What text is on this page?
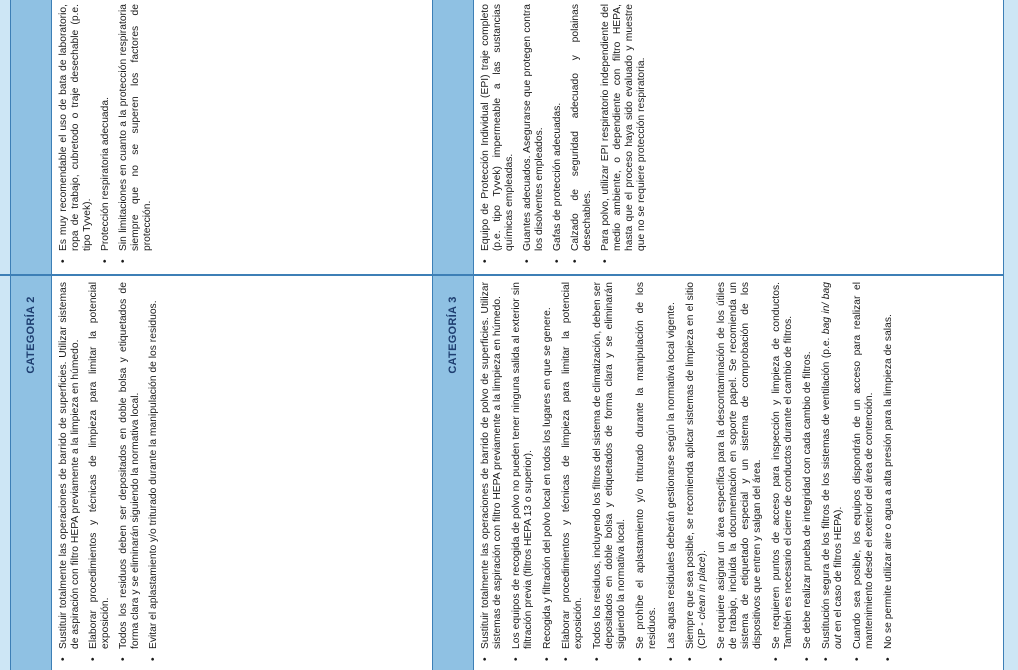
CATEGORÍA 2	CATEGORÍA 3
• Sustituir totalmente las operaciones de barrido de superficies. Utilizar sistemas de aspiración con filtro HEPA previamente a la limpieza en húmedo. • Elaborar procedimientos y técnicas de limpieza para limitar la potencial exposición. • Todos los residuos deben ser depositados en doble bolsa y etiquetados de forma clara y se eliminarán siguiendo la normativa local. • Evitar el aplastamiento y/o triturado durante la manipulación de los residuos.	• Sustituir totalmente las operaciones de barrido de polvo de superficies. Utilizar sistemas de aspiración con filtro HEPA previamente a la limpieza en húmedo. • Los equipos de recogida de polvo no pueden tener ninguna salida al exterior sin filtración previa (filtros HEPA 13 o superior). • Recogida y filtración del polvo local en todos los lugares en que se genere. • Elaborar procedimientos y técnicas de limpieza para limitar la potencial exposición. • Todos los residuos, incluyendo los filtros del sistema de climatización, deben ser depositados en doble bolsa y etiquetados de forma clara y se eliminarán siguiendo la normativa local. • Se prohíbe el aplastamiento y/o triturado durante la manipulación de los residuos. • Las aguas residuales deberán gestionarse según la normativa local vigente. • Siempre que sea posible, se recomienda aplicar sistemas de limpieza en el sitio (CIP - clean in place). • Se requiere asignar un área específica para la descontaminación de los útiles de trabajo, incluida la documentación en soporte papel. Se recomienda un sistema de etiquetado especial y un sistema de comprobación de los dispositivos que entren y salgan del área. • Se requieren puntos de acceso para inspección y limpieza de conductos. También es necesario el cierre de conductos durante el cambio de filtros. • Se debe realizar prueba de integridad con cada cambio de filtros. • Sustitución segura de los filtros de los sistemas de ventilación (p.e. bag in/ bag out en el caso de filtros HEPA). • Cuando sea posible, los equipos dispondrán de un acceso para realizar el mantenimiento desde el exterior del área de contención. • No se permite utilizar aire o agua a alta presión para la limpieza de salas.
• Es muy recomendable el uso de bata de laboratorio, ropa de trabajo, cubretodo o traje desechable (p.e. tipo Tyvek). • Protección respiratoria adecuada. • Sin limitaciones en cuanto a la protección respiratoria siempre que no se superen los factores de protección.	• Equipo de Protección Individual (EPI) traje completo (p.e. tipo Tyvek) impermeable a las sustancias químicas empleadas. • Guantes adecuados. Asegurarse que protegen contra los disolventes empleados. • Gafas de protección adecuadas. • Calzado de seguridad adecuado y polainas desechables. • Para polvo, utilizar EPI respiratorio independiente del medio ambiente, o dependiente con filtro HEPA, hasta que el proceso haya sido evaluado y muestre que no se requiere protección respiratoria.
